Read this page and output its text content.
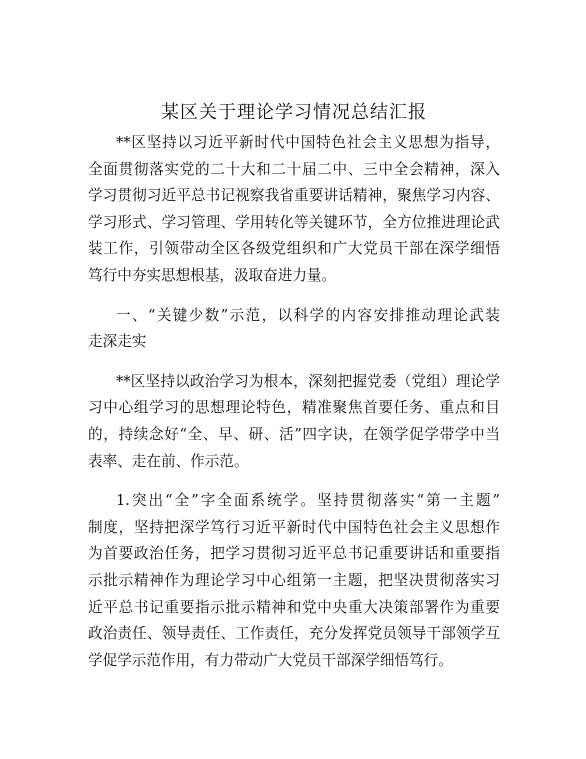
某区关于理论学习情况总结汇报
**区坚持以习近平新时代中国特色社会主义思想为指导，
全面贯彻落实党的二十大和二十届二中、三中全会精神，深入
学习贯彻习近平总书记视察我省重要讲话精神，聚焦学习内容、
学习形式、学习管理、学用转化等关键环节，全方位推进理论武
装工作，引领带动全区各级党组织和广大党员干部在深学细悟
笃行中夯实思想根基，汲取奋进力量。
一、“关键少数”示范，以科学的内容安排推动理论武装
走深走实
**区坚持以政治学习为根本，深刻把握党委（党组）理论学
习中心组学习的思想理论特色，精准聚焦首要任务、重点和目
的，持续念好“全、早、研、活”四字诀，在领学促学带学中当
表率、走在前、作示范。
1.突出“全”字全面系统学。坚持贯彻落实“第一主题”
制度，坚持把深学笃行习近平新时代中国特色社会主义思想作
为首要政治任务，把学习贯彻习近平总书记重要讲话和重要指
示批示精神作为理论学习中心组第一主题，把坚决贯彻落实习
近平总书记重要指示批示精神和党中央重大决策部署作为重要
政治责任、领导责任、工作责任，充分发挥党员领导干部领学互
学促学示范作用，有力带动广大党员干部深学细悟笃行。
